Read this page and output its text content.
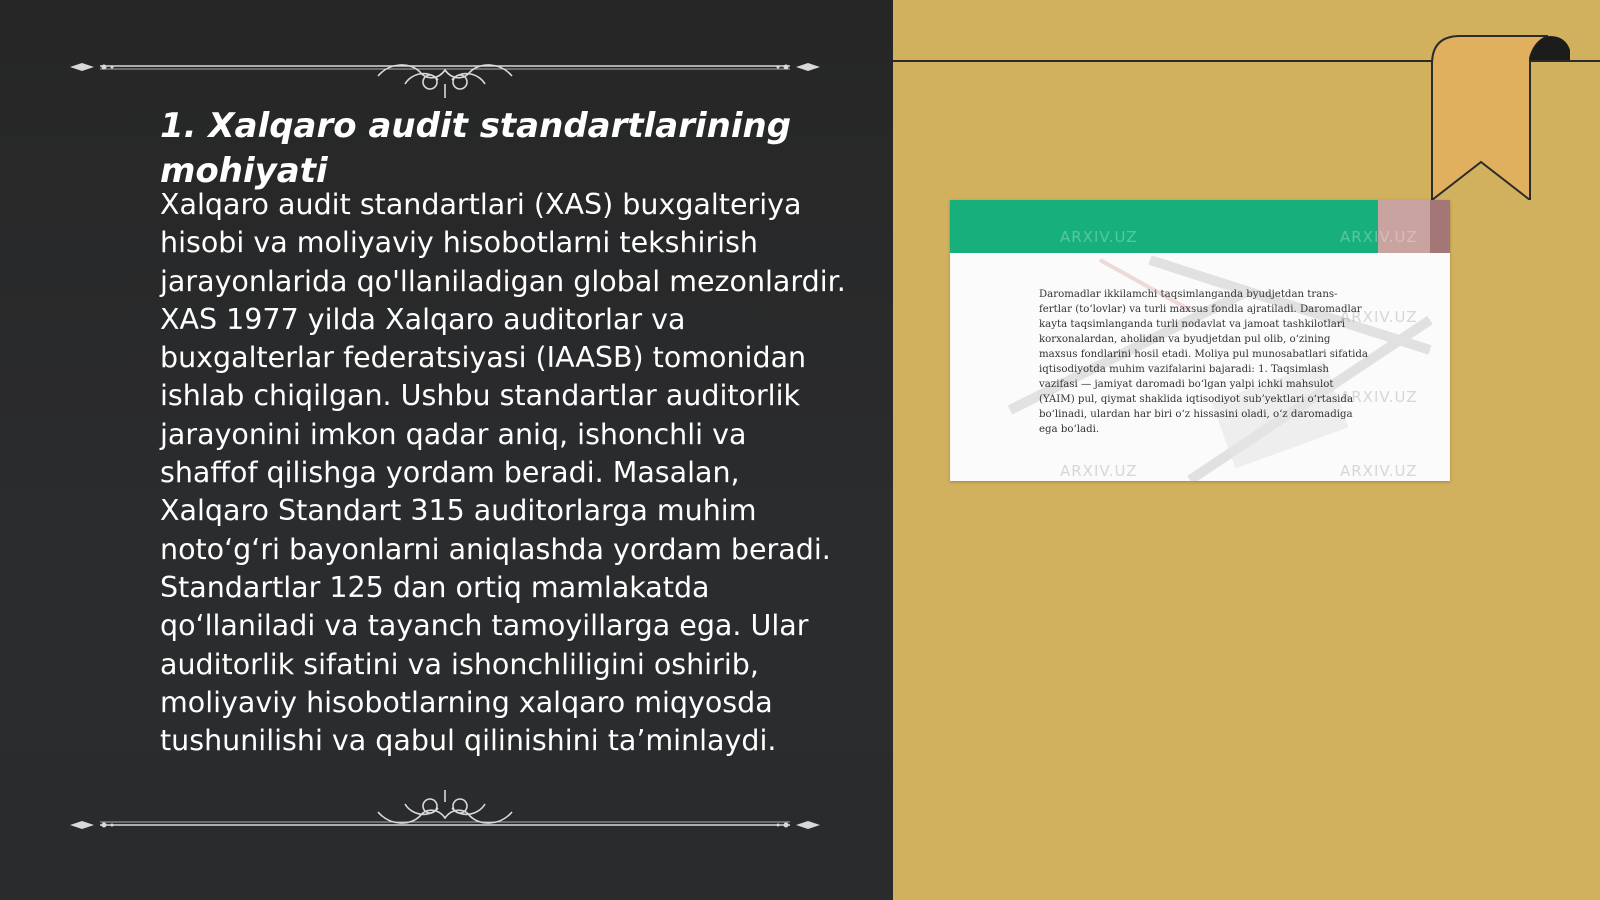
1. Xalqaro audit standartlarining mohiyati

Xalqaro audit standartlari (XAS) buxgalteriya hisobi va moliyaviy hisobotlarni tekshirish jarayonlarida qo'llaniladigan global mezonlardir. XAS 1977 yilda Xalqaro auditorlar va buxgalterlar federatsiyasi (IAASB) tomonidan ishlab chiqilgan. Ushbu standartlar auditorlik jarayonini imkon qadar aniq, ishonchli va shaffof qilishga yordam beradi. Masalan, Xalqaro Standart 315 auditorlarga muhim noto‘g‘ri bayonlarni aniqlashda yordam beradi. Standartlar 125 dan ortiq mamlakatda qo‘llaniladi va tayanch tamoyillarga ega. Ular auditorlik sifatini va ishonchliligini oshirib, moliyaviy hisobotlarning xalqaro miqyosda tushunilishi va qabul qilinishini ta’minlaydi.

ARXIV.UZ	ARXIV.UZ
ARXIV.UZ
ARXIV.UZ
ARXIV.UZ	ARXIV.UZ

Daromadlar ikkilamchi taqsimlanganda byudjetdan trans-fertlar (to‘lovlar) va turli maxsus fondla ajratiladi. Daromadlar kayta taqsimlanganda turli nodavlat va jamoat tashkilotlari korxonalardan, aholidan va byudjetdan pul olib, o‘zining maxsus fondlarini hosil etadi. Moliya pul munosabatlari sifatida iqtisodiyotda muhim vazifalarini bajaradi: 1. Taqsimlash vazifasi — jamiyat daromadi bo‘lgan yalpi ichki mahsulot (YAIM) pul, qiymat shaklida iqtisodiyot sub’yektlari o‘rtasida bo‘linadi, ulardan har biri o‘z hissasini oladi, o‘z daromadiga ega bo‘ladi.
